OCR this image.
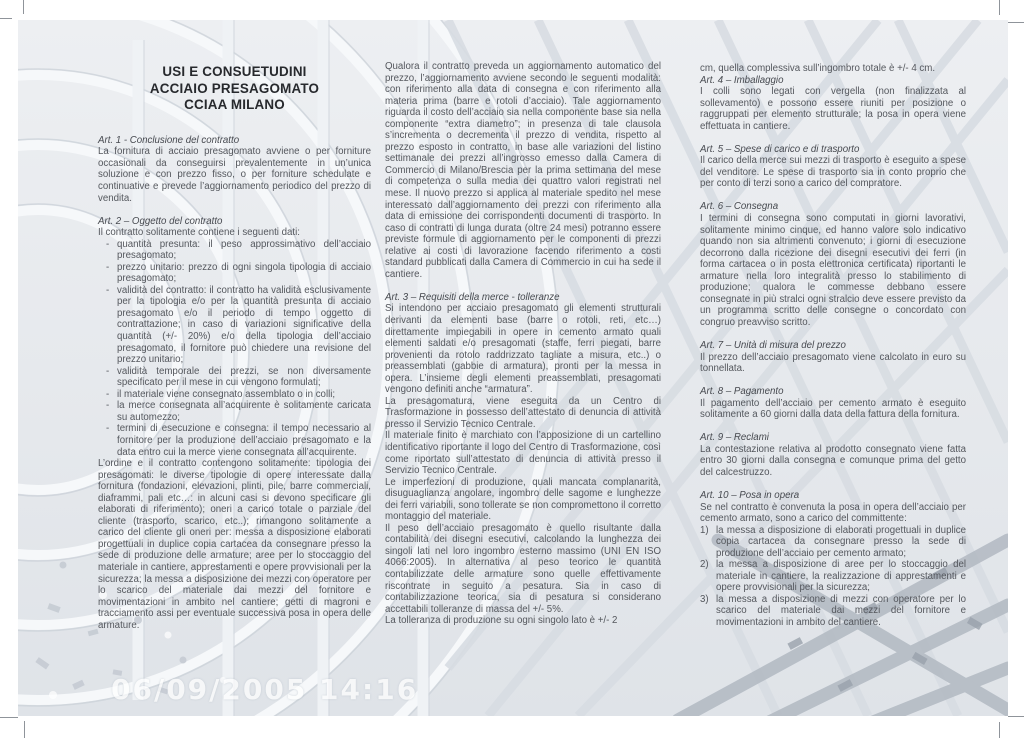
USI E CONSUETUDINI
ACCIAIO PRESAGOMATO
CCIAA MILANO
Art. 1 - Conclusione del contratto

La fornitura di acciaio presagomato avviene o per forniture occasionali da conseguirsi prevalentemente in un’unica soluzione e con prezzo fisso, o per forniture schedulate e continuative e prevede l’aggiornamento periodico del prezzo di vendita.

Art. 2 – Oggetto del contratto

Il contratto solitamente contiene i seguenti dati:

- quantità presunta: il peso approssimativo dell’acciaio presagomato;
- prezzo unitario: prezzo di ogni singola tipologia di acciaio presagomato;
- validità del contratto: il contratto ha validità esclusivamente per la tipologia e/o per la quantità presunta di acciaio presagomato e/o il periodo di tempo oggetto di contrattazione; in caso di variazioni significative della quantità (+/- 20%) e/o della tipologia dell’acciaio presagomato, il fornitore può chiedere una revisione del prezzo unitario;
- validità temporale dei prezzi, se non diversamente specificato per il mese in cui vengono formulati;
- il materiale viene consegnato assemblato o in colli;
- la merce consegnata all’acquirente è solitamente caricata su automezzo;
- termini di esecuzione e consegna: il tempo necessario al fornitore per la produzione dell’acciaio presagomato e la data entro cui la merce viene consegnata all’acquirente.

L’ordine e il contratto contengono solitamente: tipologia dei presagomati: le diverse tipologie di opere interessate dalla fornitura (fondazioni, elevazioni, plinti, pile, barre commerciali, diaframmi, pali etc…: in alcuni casi si devono specificare gli elaborati di riferimento); oneri a carico totale o parziale del cliente (trasporto, scarico, etc..); rimangono solitamente a carico del cliente gli oneri per: messa a disposizione elaborati progettuali in duplice copia cartacea da consegnare presso la sede di produzione delle armature; aree per lo stoccaggio del materiale in cantiere, apprestamenti e opere provvisionali per la sicurezza; la messa a disposizione dei mezzi con operatore per lo scarico del materiale dai mezzi del fornitore e movimentazioni in ambito nel cantiere; getti di magroni e tracciamento assi per eventuale successiva posa in opera delle armature.

Qualora il contratto preveda un aggiornamento automatico del prezzo, l’aggiornamento avviene secondo le seguenti modalità: con riferimento alla data di consegna e con riferimento alla materia prima (barre e rotoli d’acciaio). Tale aggiornamento riguarda il costo dell’acciaio sia nella componente base sia nella componente “extra diametro”; in presenza di tale clausola s’incrementa o decrementa il prezzo di vendita, rispetto al prezzo esposto in contratto, in base alle variazioni del listino settimanale dei prezzi all’ingrosso emesso dalla Camera di Commercio di Milano/Brescia per la prima settimana del mese di competenza o sulla media dei quattro valori registrati nel mese. Il nuovo prezzo si applica al materiale spedito nel mese interessato dall’aggiornamento dei prezzi con riferimento alla data di emissione dei corrispondenti documenti di trasporto. In caso di contratti di lunga durata (oltre 24 mesi) potranno essere previste formule di aggiornamento per le componenti di prezzi relative ai costi di lavorazione facendo riferimento a costi standard pubblicati dalla Camera di Commercio in cui ha sede il cantiere.

Art. 3 – Requisiti della merce - tolleranze

Si intendono per acciaio presagomato gli elementi strutturali derivanti da elementi base (barre o rotoli, reti, etc…) direttamente impiegabili in opere in cemento armato quali elementi saldati e/o presagomati (staffe, ferri piegati, barre provenienti da rotolo raddrizzato tagliate a misura, etc..) o preassemblati (gabbie di armatura), pronti per la messa in opera. L’insieme degli elementi preassemblati, presagomati vengono definiti anche “armatura”.

La presagomatura, viene eseguita da un Centro di Trasformazione in possesso dell’attestato di denuncia di attività presso il Servizio Tecnico Centrale.

Il materiale finito è marchiato con l’apposizione di un cartellino identificativo riportante il logo del Centro di Trasformazione, così come riportato sull’attestato di denuncia di attività presso il Servizio Tecnico Centrale.

Le imperfezioni di produzione, quali mancata complanarità, disuguaglianza angolare, ingombro delle sagome e lunghezze dei ferri variabili, sono tollerate se non compromettono il corretto montaggio del materiale.

Il peso dell’acciaio presagomato è quello risultante dalla contabilità dei disegni esecutivi, calcolando la lunghezza dei singoli lati nel loro ingombro esterno massimo (UNI EN ISO 4066:2005). In alternativa al peso teorico le quantità contabilizzate delle armature sono quelle effettivamente riscontrate in seguito a pesatura. Sia in caso di contabilizzazione teorica, sia di pesatura si considerano accettabili tolleranze di massa del +/- 5%.

La tolleranza di produzione su ogni singolo lato è +/- 2

cm, quella complessiva sull’ingombro totale è +/- 4 cm.

Art. 4 – Imballaggio

I colli sono legati con vergella (non finalizzata al sollevamento) e possono essere riuniti per posizione o raggruppati per elemento strutturale; la posa in opera viene effettuata in cantiere.

Art. 5 – Spese di carico e di trasporto

Il carico della merce sui mezzi di trasporto è eseguito a spese del venditore. Le spese di trasporto sia in conto proprio che per conto di terzi sono a carico del compratore.

Art. 6 – Consegna

I termini di consegna sono computati in giorni lavorativi, solitamente minimo cinque, ed hanno valore solo indicativo quando non sia altrimenti convenuto; i giorni di esecuzione decorrono dalla ricezione dei disegni esecutivi dei ferri (in forma cartacea o in posta elettronica certificata) riportanti le armature nella loro integralità presso lo stabilimento di produzione; qualora le commesse debbano essere consegnate in più stralci ogni stralcio deve essere previsto da un programma scritto delle consegne o concordato con congruo preavviso scritto.

Art. 7 – Unità di misura del prezzo

Il prezzo dell’acciaio presagomato viene calcolato in euro su tonnellata.

Art. 8 – Pagamento

Il pagamento dell’acciaio per cemento armato è eseguito solitamente a 60 giorni dalla data della fattura della fornitura.

Art. 9 – Reclami

La contestazione relativa al prodotto consegnato viene fatta entro 30 giorni dalla consegna e comunque prima del getto del calcestruzzo.

Art. 10 – Posa in opera

Se nel contratto è convenuta la posa in opera dell’acciaio per cemento armato, sono a carico del committente:

1) la messa a disposizione di elaborati progettuali in duplice copia cartacea da consegnare presso la sede di produzione dell’acciaio per cemento armato;
2) la messa a disposizione di aree per lo stoccaggio del materiale in cantiere, la realizzazione di apprestamenti e opere provvisionali per la sicurezza;
3) la messa a disposizione di mezzi con operatore per lo scarico del materiale dai mezzi del fornitore e movimentazioni in ambito del cantiere.
06/09/2005 14:16
